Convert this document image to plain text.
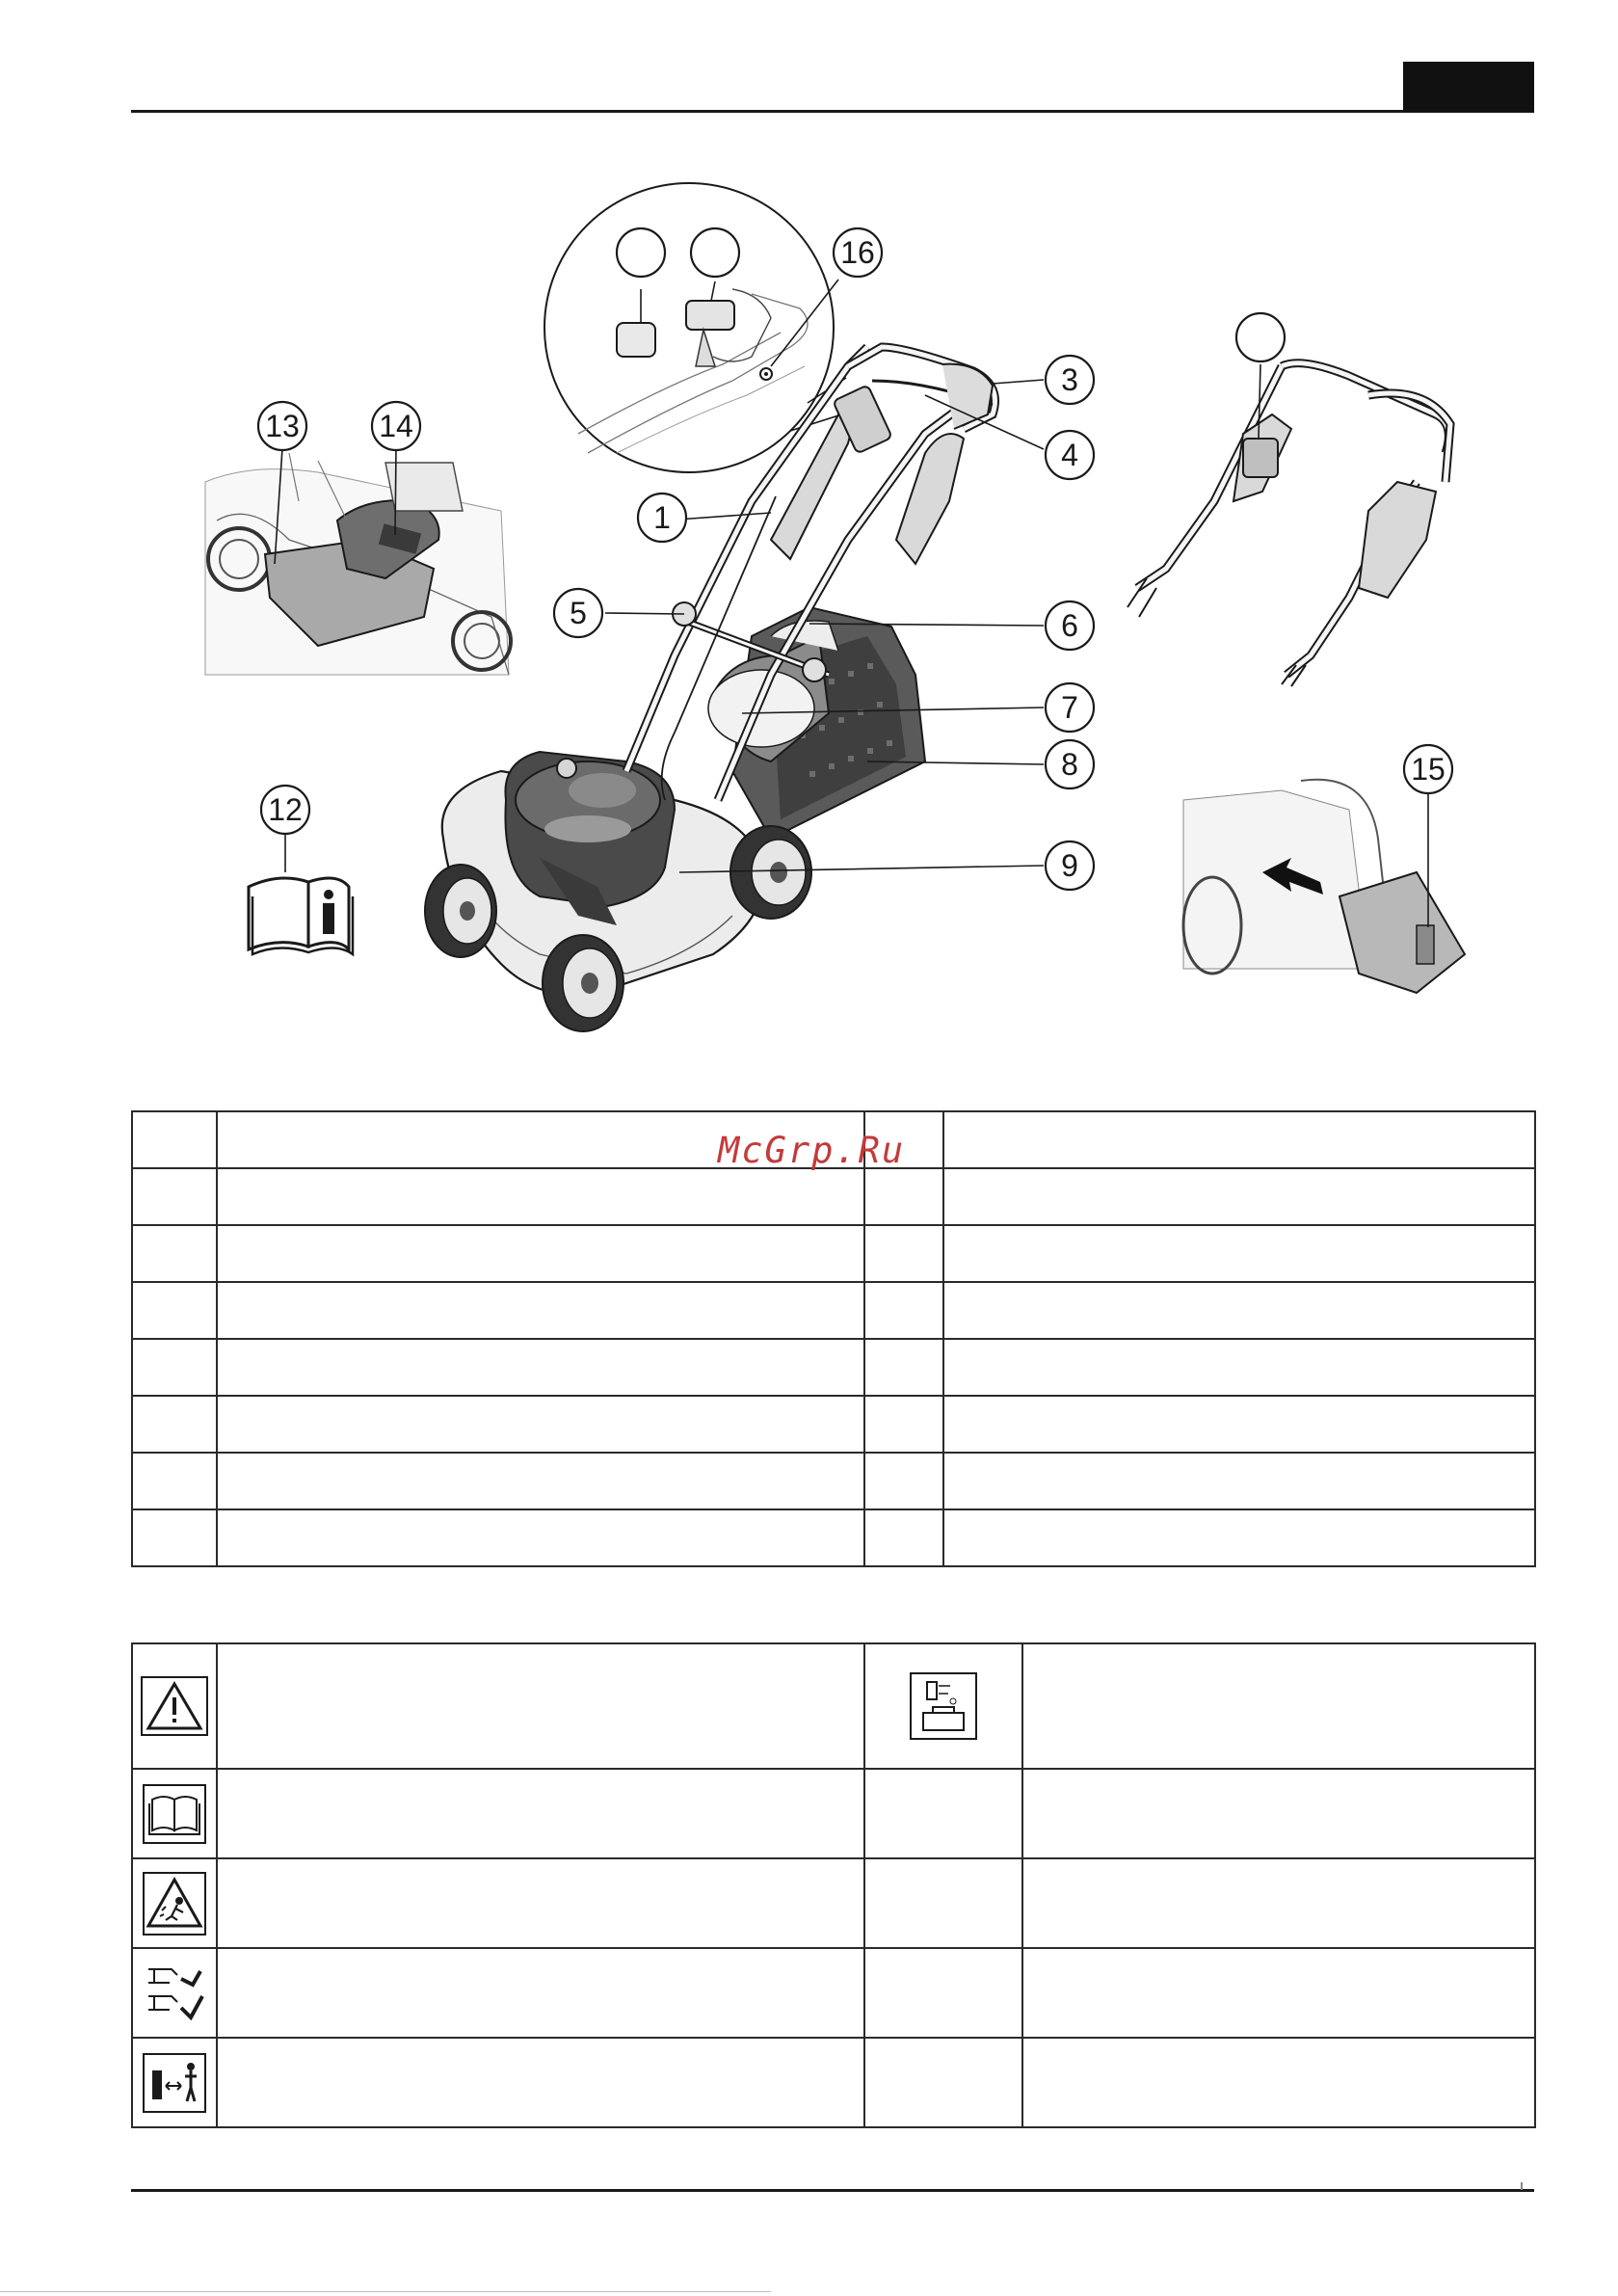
1
3
4
5	6
7
8
9
12
13	14
15
16

McGrp.Ru
